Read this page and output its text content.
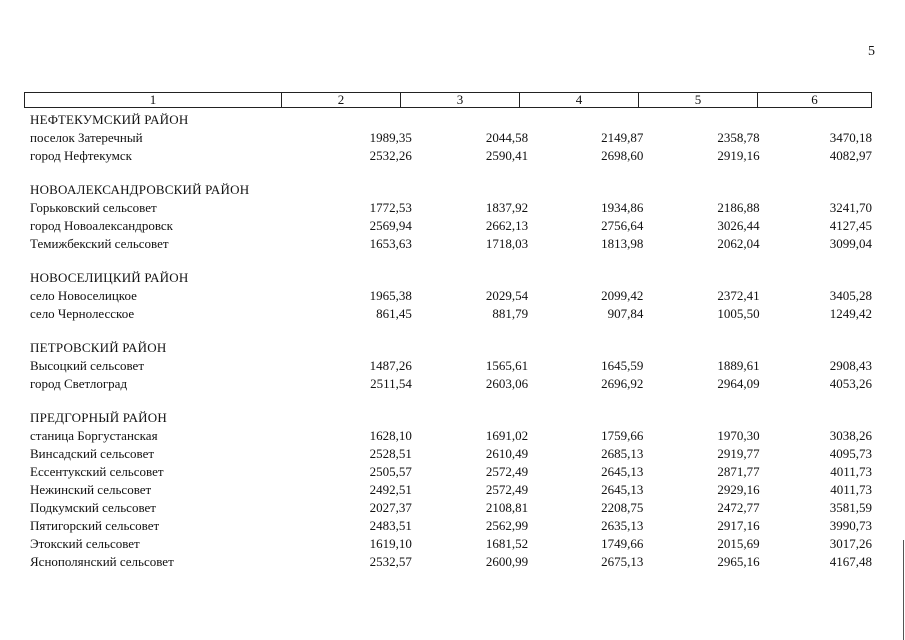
5
1	2	3	4	5	6
НЕФТЕКУМСКИЙ РАЙОН
поселок Затеречный	1989,35	2044,58	2149,87	2358,78	3470,18
город Нефтекумск	2532,26	2590,41	2698,60	2919,16	4082,97
НОВОАЛЕКСАНДРОВСКИЙ РАЙОН
Горьковский сельсовет	1772,53	1837,92	1934,86	2186,88	3241,70
город Новоалександровск	2569,94	2662,13	2756,64	3026,44	4127,45
Темижбекский сельсовет	1653,63	1718,03	1813,98	2062,04	3099,04
НОВОСЕЛИЦКИЙ РАЙОН
село Новоселицкое	1965,38	2029,54	2099,42	2372,41	3405,28
село Чернолесское	861,45	881,79	907,84	1005,50	1249,42
ПЕТРОВСКИЙ РАЙОН
Высоцкий сельсовет	1487,26	1565,61	1645,59	1889,61	2908,43
город Светлоград	2511,54	2603,06	2696,92	2964,09	4053,26
ПРЕДГОРНЫЙ РАЙОН
станица Боргустанская	1628,10	1691,02	1759,66	1970,30	3038,26
Винсадский сельсовет	2528,51	2610,49	2685,13	2919,77	4095,73
Ессентукский сельсовет	2505,57	2572,49	2645,13	2871,77	4011,73
Нежинский сельсовет	2492,51	2572,49	2645,13	2929,16	4011,73
Подкумский сельсовет	2027,37	2108,81	2208,75	2472,77	3581,59
Пятигорский сельсовет	2483,51	2562,99	2635,13	2917,16	3990,73
Этокский сельсовет	1619,10	1681,52	1749,66	2015,69	3017,26
Яснополянский сельсовет	2532,57	2600,99	2675,13	2965,16	4167,48
